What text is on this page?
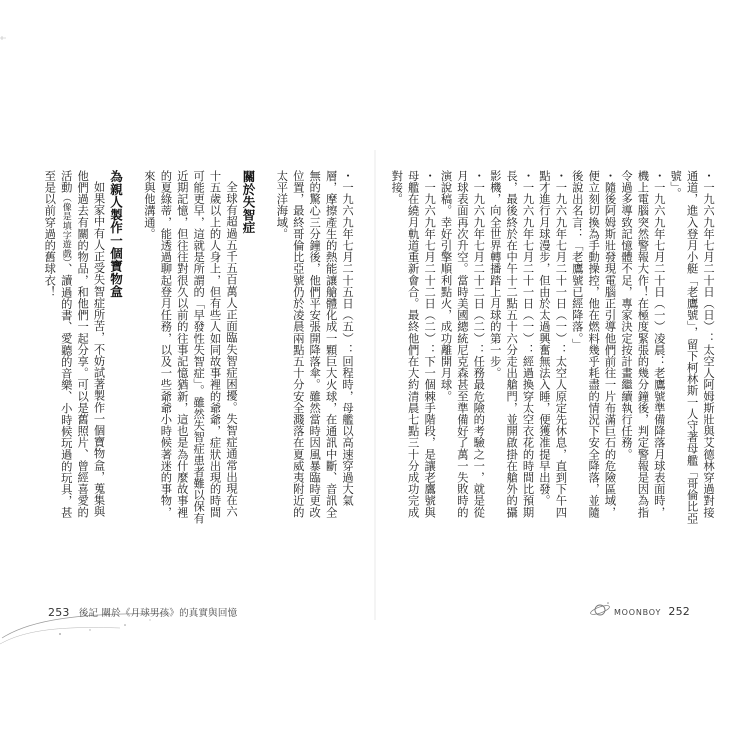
・一九六九年七月二十日（日）：太空人阿姆斯壯與艾德林穿過對接通道，進入登月小艇「老鷹號」，留下柯林斯一人守著母艦「哥倫比亞號」。
・一九六九年七月二十日（一）凌晨：老鷹號準備降落月球表面時，機上電腦突然警報大作！在極度緊張的幾分鐘後，判定警報是因為指令過多導致記憶體不足，專家決定按計畫繼續執行任務。
・隨後阿姆斯壯發現電腦正引導他們前往一片布滿巨石的危險區域，便立刻切換為手動操控，他在燃料幾乎耗盡的情況下安全降落，並隨後說出名言：「老鷹號已經降落。」
・一九六九年七月二十一日（一）：太空人原定先休息，直到下午四點才進行月球漫步，但由於太過興奮無法入睡，便獲准提早出發。
・一九六九年七月二十一日（一）：經過換穿太空衣花的時間比預期長，最後終於在中午十二點五十六分走出艙門，並開啟掛在艙外的攝影機，向全世界轉播踏上月球的第一步。
・一九六九年七月二十二日（二）：任務最危險的考驗之一，就是從月球表面再次升空。當時美國總統尼克森甚至準備好了萬一失敗時的演說稿。幸好引擎順利點火，成功離開月球。
・一九六九年七月二十二日（二）：下一個棘手階段，是讓老鷹號與母艦在繞月軌道重新會合。最終他們在大約清晨七點三十分成功完成對接。
・一九六九年七月二十五日（五）：回程時，母艦以高速穿過大氣層，摩擦產生的熱能讓艙體化成一顆巨大火球，在通訊中斷、音訊全無的驚心三分鐘後，他們平安張開降落傘。雖然當時因風暴臨時更改位置，最終哥倫比亞號仍於凌晨兩點五十分安全濺落在夏威夷附近的太平洋海域。
關於失智症
全球有超過五千五百萬人正面臨失智症困擾。失智症通常出現在六十五歲以上的人身上，但有些人如同故事裡的爺爺，症狀出現的時間可能更早，這就是所謂的「早發性失智症」。雖然失智症患者難以保有近期記憶，但往往對很久以前的往事記憶猶新，這也是為什麼故事裡的夏綠蒂，能透過聊起登月任務，以及一些爺爺小時候著迷的事物，來與他溝通。
為親人製作一個寶物盒
如果家中有人正受失智症所苦，不妨試著製作一個寶物盒，蒐集與他們過去有關的物品，和他們一起分享。可以是舊照片、曾經喜愛的活動（像是填字遊戲）、讀過的書、愛聽的音樂、小時候玩過的玩具，甚至是以前穿過的舊球衣！
253 後記 關於《月球男孩》的真實與回憶	MOONBOY 252
